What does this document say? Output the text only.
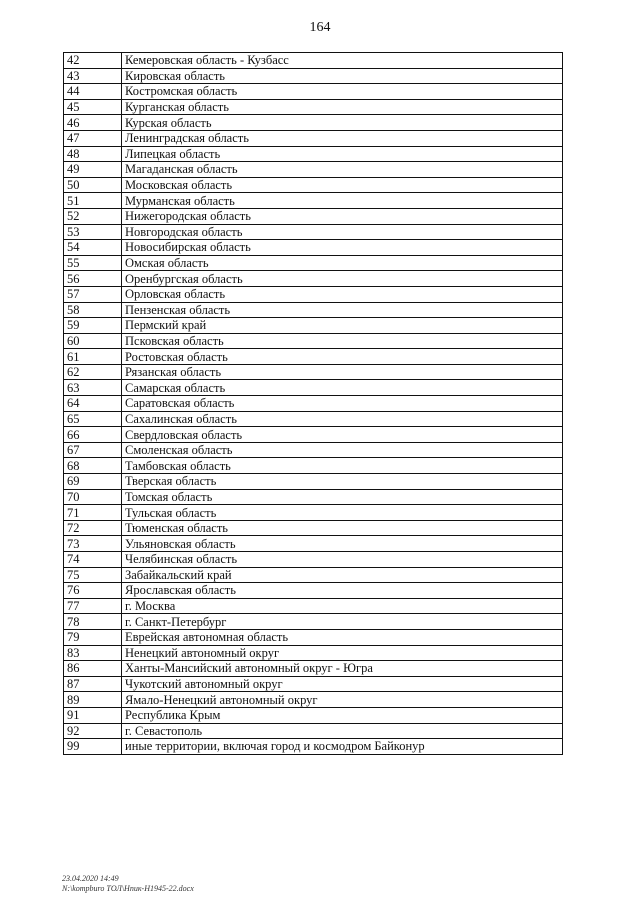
164
42	Кемеровская область - Кузбасс
43	Кировская область
44	Костромская область
45	Курганская область
46	Курская область
47	Ленинградская область
48	Липецкая область
49	Магаданская область
50	Московская область
51	Мурманская область
52	Нижегородская область
53	Новгородская область
54	Новосибирская область
55	Омская область
56	Оренбургская область
57	Орловская область
58	Пензенская область
59	Пермский край
60	Псковская область
61	Ростовская область
62	Рязанская область
63	Самарская область
64	Саратовская область
65	Сахалинская область
66	Свердловская область
67	Смоленская область
68	Тамбовская область
69	Тверская область
70	Томская область
71	Тульская область
72	Тюменская область
73	Ульяновская область
74	Челябинская область
75	Забайкальский край
76	Ярославская область
77	г. Москва
78	г. Санкт-Петербург
79	Еврейская автономная область
83	Ненецкий автономный округ
86	Ханты-Мансийский автономный округ - Югра
87	Чукотский автономный округ
89	Ямало-Ненецкий автономный округ
91	Республика Крым
92	г. Севастополь
99	иные территории, включая город и космодром Байконур
23.04.2020 14:49
N:\kompburo ТОЛ\Нпик-Н1945-22.docx
